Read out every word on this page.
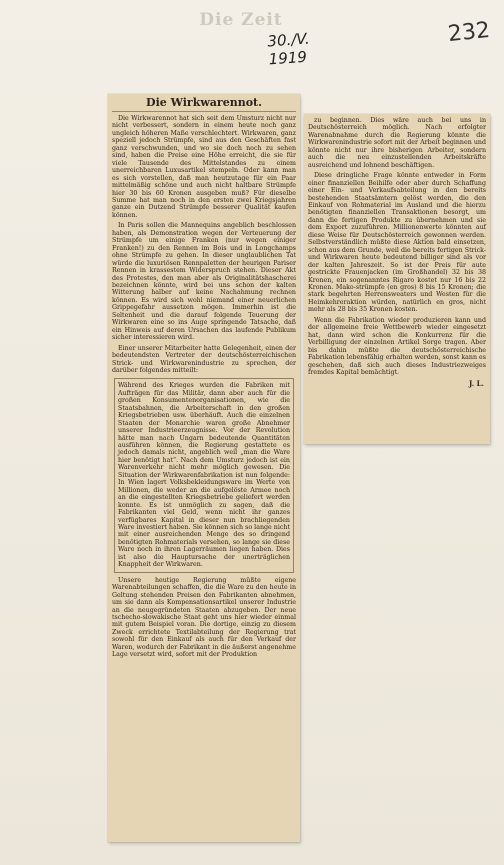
Die Zeit
30./V. 1919
232
Die Wirkwarennot.

Die Wirkwarennot hat sich seit dem Umsturz nicht nur nicht verbessert, sondern in einem heute noch ganz ungleich höheren Maße verschlechtert. Wirkwaren, ganz speziell jedoch Strümpfe, sind aus den Geschäften fast ganz verschwunden, und wo sie doch noch zu sehen sind, haben die Preise eine Höhe erreicht, die sie für viele Tausende des Mittelstandes zu einem unerreichbaren Luxusartikel stempeln. Oder kann man es sich vorstellen, daß man heutzutage für ein Paar mittelmäßig schöne und auch nicht haltbare Strümpfe hier 30 bis 60 Kronen ausgeben muß? Für dieselbe Summe hat man noch in den ersten zwei Kriegsjahren ganze ein Dutzend Strümpfe besserer Qualität kaufen können.

In Paris sollen die Mannequins angeblich beschlossen haben, als Demonstration wegen der Verteuerung der Strümpfe um einige Franken (nur wegen einiger Franken!) zu den Rennen im Bois und in Longchamps ohne Strümpfe zu gehen. In dieser unglaublichen Tat würde die luxuriösen Rennpaletten der heurigen Pariser Rennen in krassestem Widerspruch stehen. Dieser Akt des Protestes, den man aber als Originalitätshascherei bezeichnen könnte, wird bei uns schon der kalten Witterung halber auf keine Nachahmung rechnen können. Es wird sich wohl niemand einer neuerlichen Grippegefahr aussetzen mögen. Immerhin ist die Seltenheit und die darauf folgende Teuerung der Wirkwaren eine so ins Auge springende Tatsache, daß ein Hinweis auf deren Ursachen das laufende Publikum sicher interessieren wird.

Einer unserer Mitarbeiter hatte Gelegenheit, einen der bedeutendsten Vertreter der deutschösterreichischen Strick- und Wirkwarenindustrie zu sprechen, der darüber folgendes mitteilt:

Während des Krieges wurden die Fabriken mit Aufträgen für das Militär, dann aber auch für die großen Konsumentenorganisationen, wie die Staatsbahnen, die Arbeiterschaft in den großen Kriegsbetrieben usw. überhäuft. Auch die einzelnen Staaten der Monarchie waren große Abnehmer unserer Industrieerzeugnisse. Vor der Revolution hätte man nach Ungarn bedeutende Quantitäten ausführen können, die Regierung gestattete es jedoch damals nicht, angeblich weil „man die Ware hier benötigt hat“. Nach dem Umsturz jedoch ist ein Warenverkehr nicht mehr möglich gewesen. Die Situation der Wirkwarenfabrikation ist nun folgende: In Wien lagert Volksbekleidungsware im Werte von Millionen, die weder an die aufgelöste Armee noch an die eingestellten Kriegsbetriebe geliefert werden konnte. Es ist unmöglich zu sagen, daß die Fabrikanten viel Geld, wenn nicht ihr ganzes verfügbares Kapital in dieser nun brachliegenden Ware investiert haben. Sie können sich so lange nicht mit einer ausreichenden Menge des so dringend benötigten Rohmaterials versehen, so lange sie diese Ware noch in ihren Lagerräumen liegen haben. Dies ist also die Hauptursache der unerträglichen Knappheit der Wirkwaren.

Unsere heutige Regierung müßte eigene Warenabteilungen schaffen, die die Ware zu den heute in Geltung stehenden Preisen den Fabrikanten abnehmen, um sie dann als Kompensationsartikel unserer Industrie an die neugegründeten Staaten abzugeben. Der neue tschecho-slowakische Staat geht uns hier wieder einmal mit gutem Beispiel voran. Die dortige, einzig zu diesem Zweck errichtete Textilabteilung der Regierung trat sowohl für den Einkauf als auch für den Verkauf der Waren, wodurch der Fabrikant in die äußerst angenehme Lage versetzt wird, sofort mit der Produktion

zu beginnen. Dies wäre auch bei uns in Deutschösterreich möglich. Nach erfolgter Warenabnahme durch die Regierung könnte die Wirkwarenindustrie sofort mit der Arbeit beginnen und könnte nicht nur ihre bisherigen Arbeiter, sondern auch die neu einzustellenden Arbeitskräfte ausreichend und lohnend beschäftigen.

Diese dringliche Frage könnte entweder in Form einer finanziellen Beihilfe oder aber durch Schaffung einer Ein- und Verkaufsabteilung in den bereits bestehenden Staatsämtern gelöst werden, die den Einkauf von Rohmaterial im Ausland und die hierzu benötigten finanziellen Transaktionen besorgt, um dann die fertigen Produkte zu übernehmen und sie dem Export zuzuführen. Millionenwerte könnten auf diese Weise für Deutschösterreich gewonnen werden. Selbstverständlich müßte diese Aktion bald einsetzen, schon aus dem Grunde, weil die bereits fertigen Strick- und Wirkwaren heute bedeutend billiger sind als vor der kalten Jahreszeit. So ist der Preis für aute gestrickte Frauenjacken (im Großhandel) 32 bis 38 Kronen, ein sogenanntes Rigaro kostet nur 16 bis 22 Kronen. Mako-strümpfe (en gros) 8 bis 15 Kronen; die stark begehrten Herrensweaters und Westen für die Heimkehreraktion würden, natürlich en gros, nicht mehr als 28 bis 35 Kronen kosten.

Wenn die Fabrikation wieder produzieren kann und der allgemeine freie Wettbewerb wieder eingesetzt hat, dann wird schon die Konkurrenz für die Verbilligung der einzelnen Artikel Sorge tragen. Aber bis dahin müßte die deutschösterreichische Fabrikation lebensfähig erhalten werden, sonst kann es geschehen, daß sich auch dieses Industriezweiges fremdes Kapital bemächtigt.

J. L.
